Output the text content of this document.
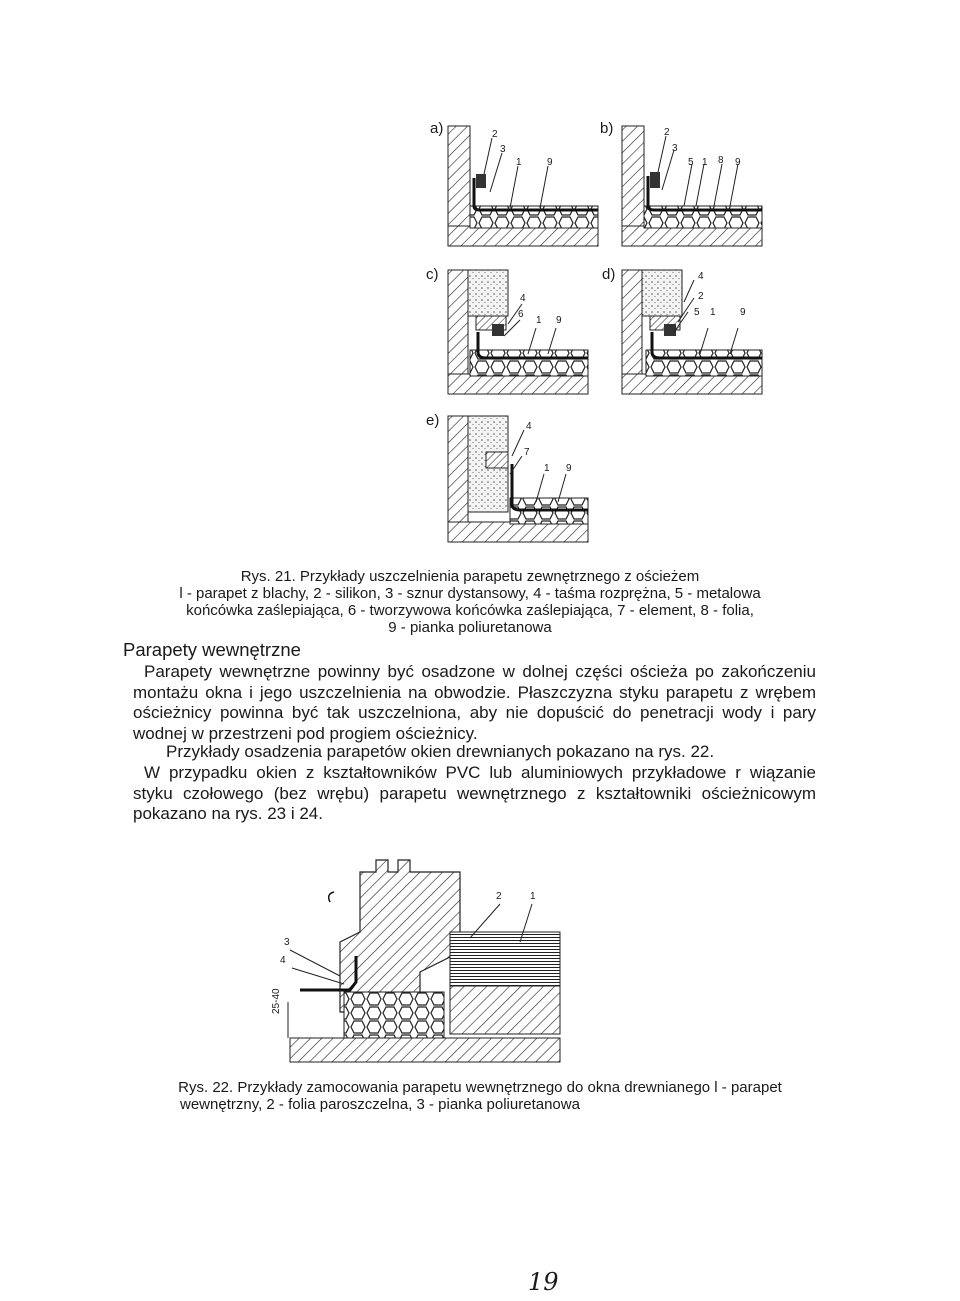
a)	2
3
1	9
b)	2
3
5 1 8 9
c)
4
6
1 9
d)	4
2
5 1 9
e)	4
7
1 9
Rys. 21. Przykłady uszczelnienia parapetu zewnętrznego z ościeżem
l - parapet z blachy, 2 - silikon, 3 - sznur dystansowy, 4 - taśma rozprężna, 5 - metalowa
końcówka zaślepiająca, 6 - tworzywowa końcówka zaślepiająca, 7 - element, 8 - folia,
9 - pianka poliuretanowa
Parapety wewnętrzne
Parapety wewnętrzne powinny być osadzone w dolnej części ościeża po zakończeniu montażu okna i jego uszczelnienia na obwodzie. Płaszczyzna styku parapetu z wrębem ościeżnicy powinna być tak uszczelniona, aby nie dopuścić do penetracji wody i pary wodnej w przestrzeni pod progiem ościeżnicy.
Przykłady osadzenia parapetów okien drewnianych pokazano na rys. 22.
W przypadku okien z kształtowników PVC lub aluminiowych przykładowe r wiązanie styku czołowego (bez wrębu) parapetu wewnętrznego z kształtowniki ościeżnicowym pokazano na rys. 23 i 24.
2	1
3
4
25-40
Rys. 22. Przykłady zamocowania parapetu wewnętrznego do okna drewnianego l - parapet
wewnętrzny, 2 - folia paroszczelna, 3 - pianka poliuretanowa
19
